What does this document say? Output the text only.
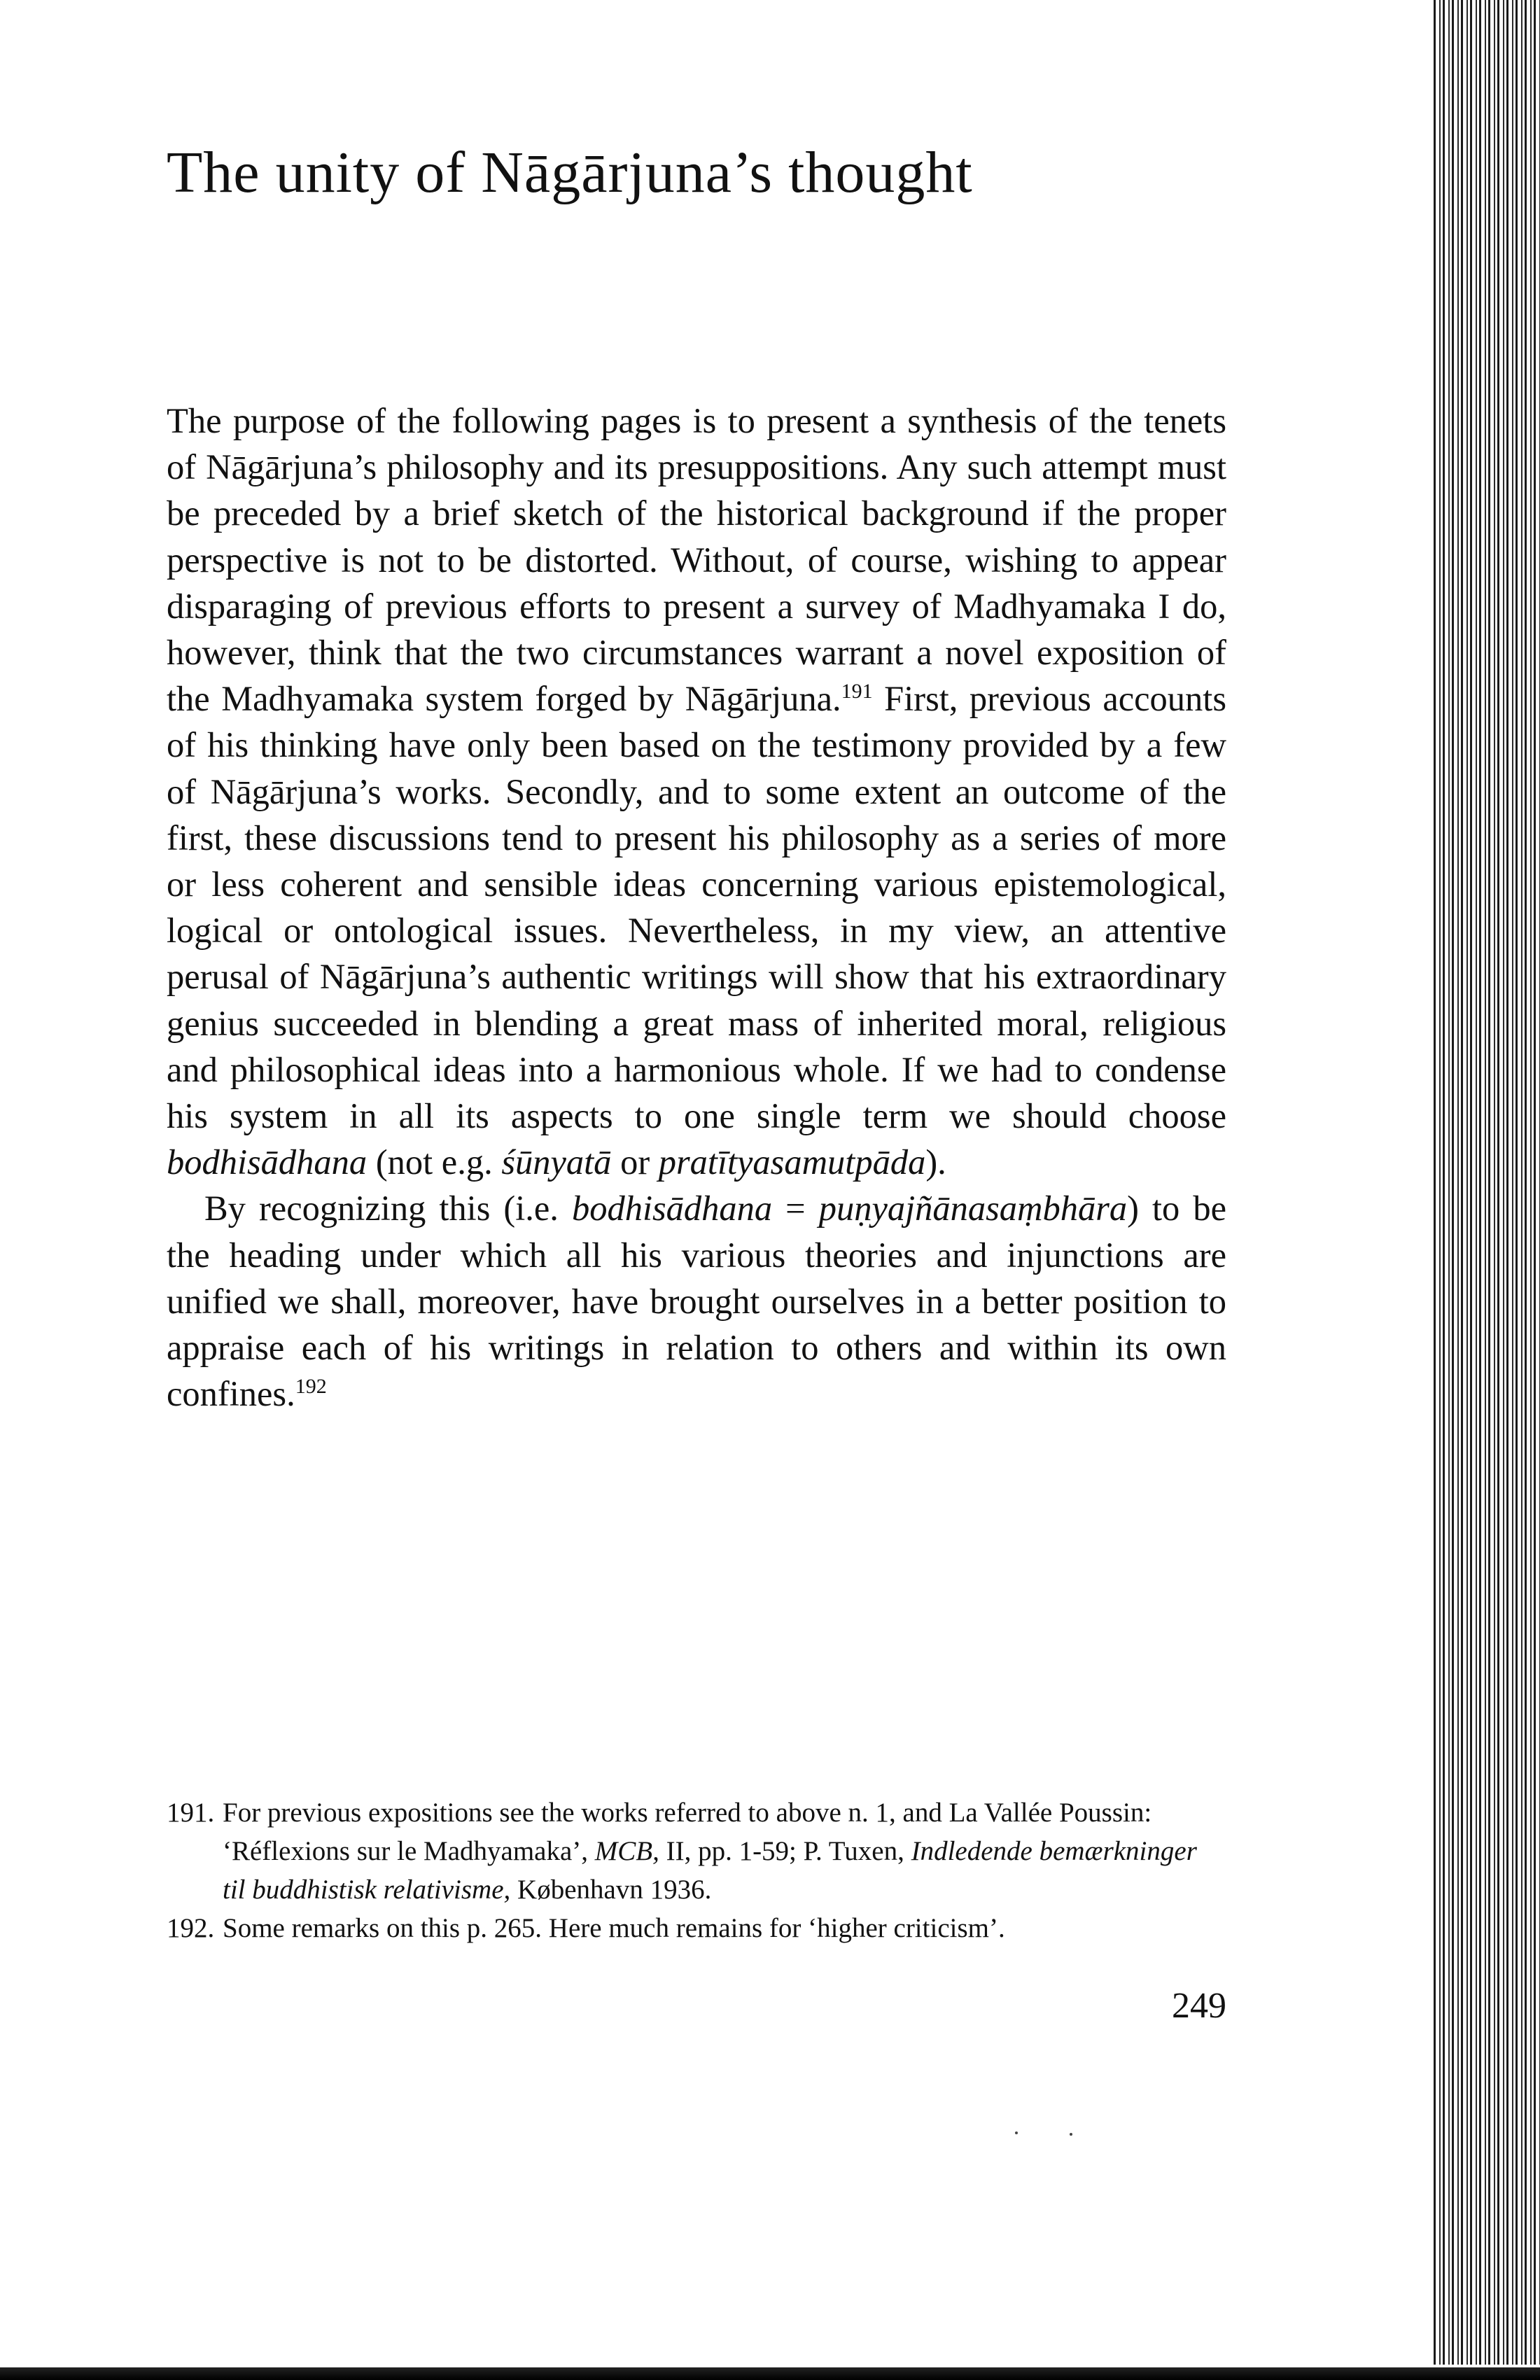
The unity of Nāgārjuna’s thought

The purpose of the following pages is to present a synthesis of the tenets of Nāgārjuna’s philosophy and its presuppositions. Any such attempt must be preceded by a brief sketch of the historical background if the proper perspective is not to be distorted. Without, of course, wishing to appear disparaging of previous efforts to present a survey of Madhyamaka I do, however, think that the two circumstances warrant a novel exposition of the Madhyamaka system forged by Nāgārjuna.$^{191}$ First, previous accounts of his thinking have only been based on the testimony provided by a few of Nāgārjuna’s works. Secondly, and to some extent an outcome of the first, these discussions tend to present his philosophy as a series of more or less coherent and sensible ideas concerning various epistemological, logical or ontological issues. Nevertheless, in my view, an attentive perusal of Nāgārjuna’s authentic writings will show that his extraordinary genius succeeded in blending a great mass of inherited moral, religious and philosophical ideas into a harmonious whole. If we had to condense his system in all its aspects to one single term we should choose bodhisādhana (not e.g. śūnyatā or pratītyasamutpāda).

By recognizing this (i.e. bodhisādhana = puṇyajñānasaṃbhāra) to be the heading under which all his various theories and injunctions are unified we shall, moreover, have brought ourselves in a better position to appraise each of his writings in relation to others and within its own confines.$^{192}$

191. For previous expositions see the works referred to above n. 1, and La Vallée Poussin: ‘Réflexions sur le Madhyamaka’, MCB, II, pp. 1-59; P. Tuxen, Indledende bemærkninger til buddhistisk relativisme, København 1936.
192. Some remarks on this p. 265. Here much remains for ‘higher criticism’.
249
